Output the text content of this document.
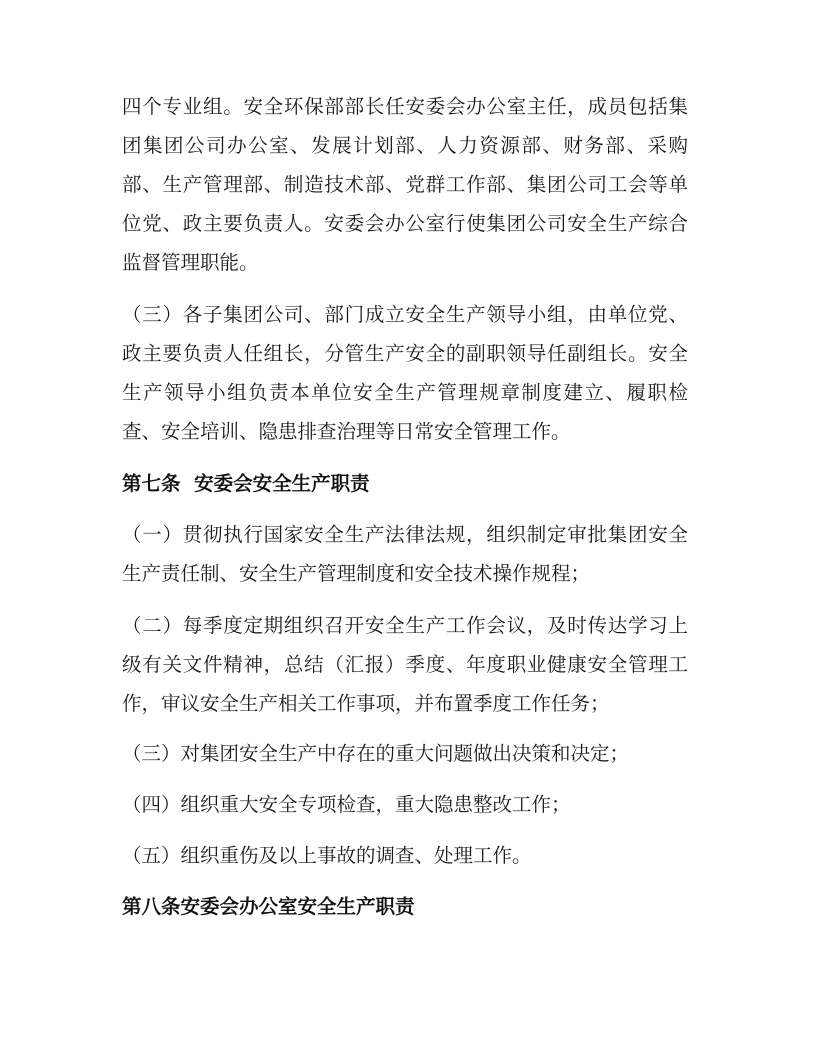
四个专业组。安全环保部部长任安委会办公室主任，成员包括集
团集团公司办公室、发展计划部、人力资源部、财务部、采购
部、生产管理部、制造技术部、党群工作部、集团公司工会等单
位党、政主要负责人。安委会办公室行使集团公司安全生产综合
监督管理职能。
（三）各子集团公司、部门成立安全生产领导小组，由单位党、
政主要负责人任组长，分管生产安全的副职领导任副组长。安全
生产领导小组负责本单位安全生产管理规章制度建立、履职检
查、安全培训、隐患排查治理等日常安全管理工作。
第七条  安委会安全生产职责
（一）贯彻执行国家安全生产法律法规，组织制定审批集团安全
生产责任制、安全生产管理制度和安全技术操作规程；
（二）每季度定期组织召开安全生产工作会议，及时传达学习上
级有关文件精神，总结（汇报）季度、年度职业健康安全管理工
作，审议安全生产相关工作事项，并布置季度工作任务；
（三）对集团安全生产中存在的重大问题做出决策和决定；
（四）组织重大安全专项检查，重大隐患整改工作；
（五）组织重伤及以上事故的调查、处理工作。
第八条安委会办公室安全生产职责
